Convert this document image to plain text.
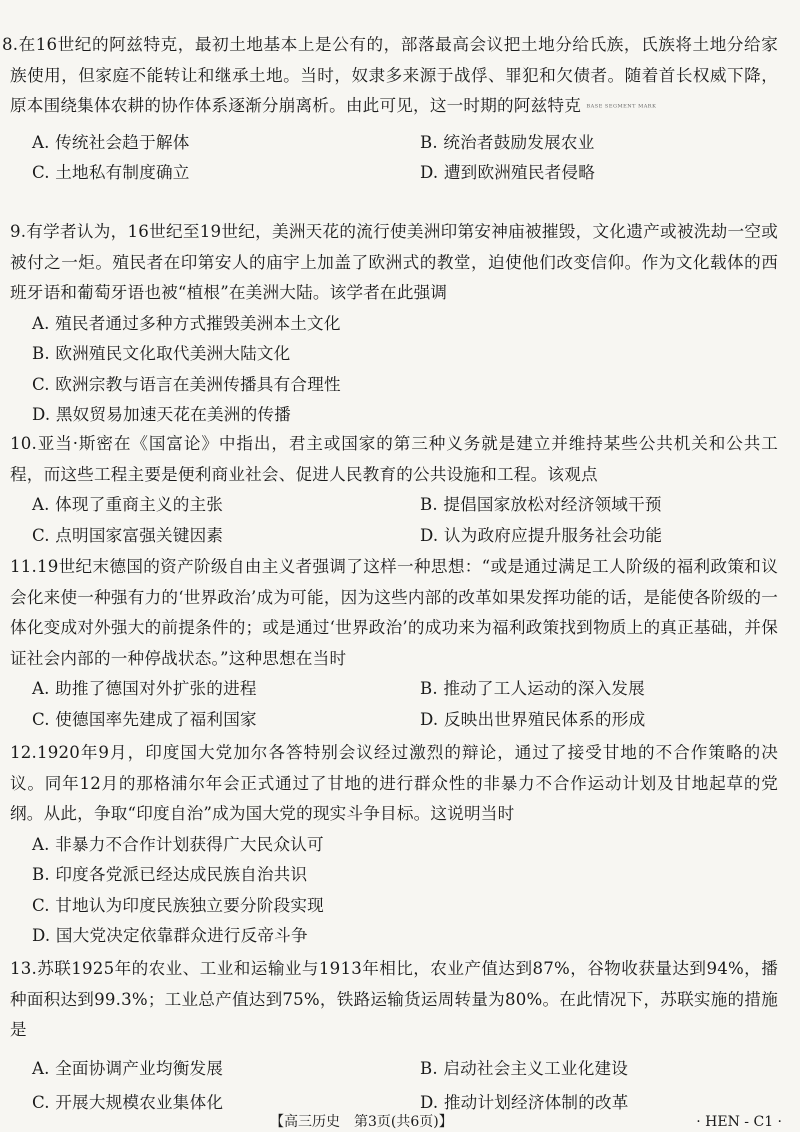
8.在16世纪的阿兹特克，最初土地基本上是公有的，部落最高会议把土地分给氏族，氏族将土地分给家族使用，但家庭不能转让和继承土地。当时，奴隶多来源于战俘、罪犯和欠债者。随着首长权威下降，原本围绕集体农耕的协作体系逐渐分崩离析。由此可见，这一时期的阿兹特克 BASE SEGMENT MARK

A. 传统社会趋于解体	B. 统治者鼓励发展农业
C. 土地私有制度确立	D. 遭到欧洲殖民者侵略

9.有学者认为，16世纪至19世纪，美洲天花的流行使美洲印第安神庙被摧毁，文化遗产或被洗劫一空或被付之一炬。殖民者在印第安人的庙宇上加盖了欧洲式的教堂，迫使他们改变信仰。作为文化载体的西班牙语和葡萄牙语也被“植根”在美洲大陆。该学者在此强调

A. 殖民者通过多种方式摧毁美洲本土文化
B. 欧洲殖民文化取代美洲大陆文化
C. 欧洲宗教与语言在美洲传播具有合理性
D. 黑奴贸易加速天花在美洲的传播

10.亚当·斯密在《国富论》中指出，君主或国家的第三种义务就是建立并维持某些公共机关和公共工程，而这些工程主要是便利商业社会、促进人民教育的公共设施和工程。该观点

A. 体现了重商主义的主张	B. 提倡国家放松对经济领域干预
C. 点明国家富强关键因素	D. 认为政府应提升服务社会功能

11.19世纪末德国的资产阶级自由主义者强调了这样一种思想：“或是通过满足工人阶级的福利政策和议会化来使一种强有力的‘世界政治’成为可能，因为这些内部的改革如果发挥功能的话，是能使各阶级的一体化变成对外强大的前提条件的；或是通过‘世界政治’的成功来为福利政策找到物质上的真正基础，并保证社会内部的一种停战状态。”这种思想在当时

A. 助推了德国对外扩张的进程	B. 推动了工人运动的深入发展
C. 使德国率先建成了福利国家	D. 反映出世界殖民体系的形成

12.1920年9月，印度国大党加尔各答特别会议经过激烈的辩论，通过了接受甘地的不合作策略的决议。同年12月的那格浦尔年会正式通过了甘地的进行群众性的非暴力不合作运动计划及甘地起草的党纲。从此，争取“印度自治”成为国大党的现实斗争目标。这说明当时

A. 非暴力不合作计划获得广大民众认可
B. 印度各党派已经达成民族自治共识
C. 甘地认为印度民族独立要分阶段实现
D. 国大党决定依靠群众进行反帝斗争

13.苏联1925年的农业、工业和运输业与1913年相比，农业产值达到87%，谷物收获量达到94%，播种面积达到99.3%；工业总产值达到75%，铁路运输货运周转量为80%。在此情况下，苏联实施的措施是

A. 全面协调产业均衡发展	B. 启动社会主义工业化建设
C. 开展大规模农业集体化	D. 推动计划经济体制的改革
【高三历史　第3页(共6页)】	· HEN - C1 ·
